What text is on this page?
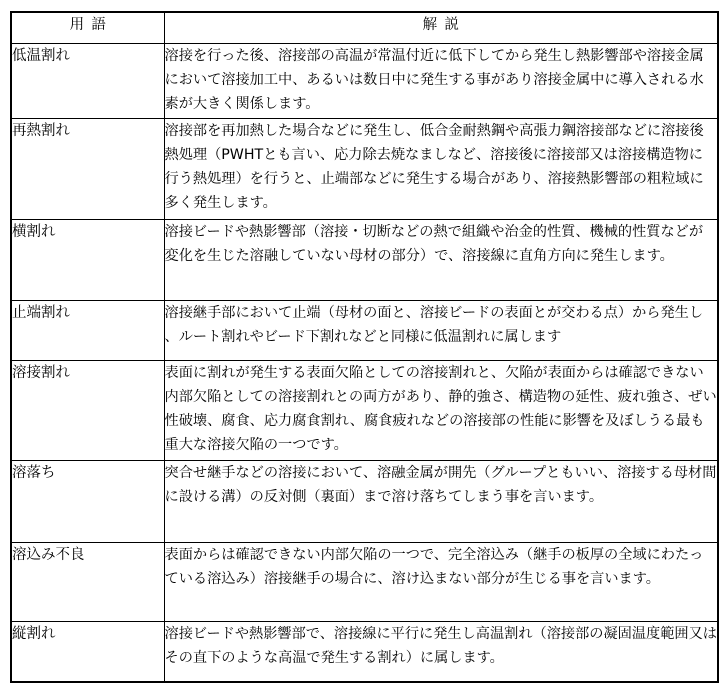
用語	解説
低温割れ	溶接を行った後、溶接部の高温が常温付近に低下してから発生し熱影響部や溶接金属において溶接加工中、あるいは数日中に発生する事があり溶接金属中に導入される水素が大きく関係します。
再熱割れ	溶接部を再加熱した場合などに発生し、低合金耐熱鋼や高張力鋼溶接部などに溶接後熱処理（PWHTとも言い、応力除去焼なましなど、溶接後に溶接部又は溶接構造物に行う熱処理）を行うと、止端部などに発生する場合があり、溶接熱影響部の粗粒域に多く発生します。
横割れ	溶接ビードや熱影響部（溶接・切断などの熱で組織や治金的性質、機械的性質などが変化を生じた溶融していない母材の部分）で、溶接線に直角方向に発生します。
止端割れ	溶接継手部において止端（母材の面と、溶接ビードの表面とが交わる点）から発生し、ルート割れやビード下割れなどと同様に低温割れに属します
溶接割れ	表面に割れが発生する表面欠陥としての溶接割れと、欠陥が表面からは確認できない内部欠陥としての溶接割れとの両方があり、静的強さ、構造物の延性、疲れ強さ、ぜい性破壊、腐食、応力腐食割れ、腐食疲れなどの溶接部の性能に影響を及ぼしうる最も重大な溶接欠陥の一つです。
溶落ち	突合せ継手などの溶接において、溶融金属が開先（グループともいい、溶接する母材間に設ける溝）の反対側（裏面）まで溶け落ちてしまう事を言います。
溶込み不良	表面からは確認できない内部欠陥の一つで、完全溶込み（継手の板厚の全域にわたっている溶込み）溶接継手の場合に、溶け込まない部分が生じる事を言います。
縦割れ	溶接ビードや熱影響部で、溶接線に平行に発生し高温割れ（溶接部の凝固温度範囲又はその直下のような高温で発生する割れ）に属します。
